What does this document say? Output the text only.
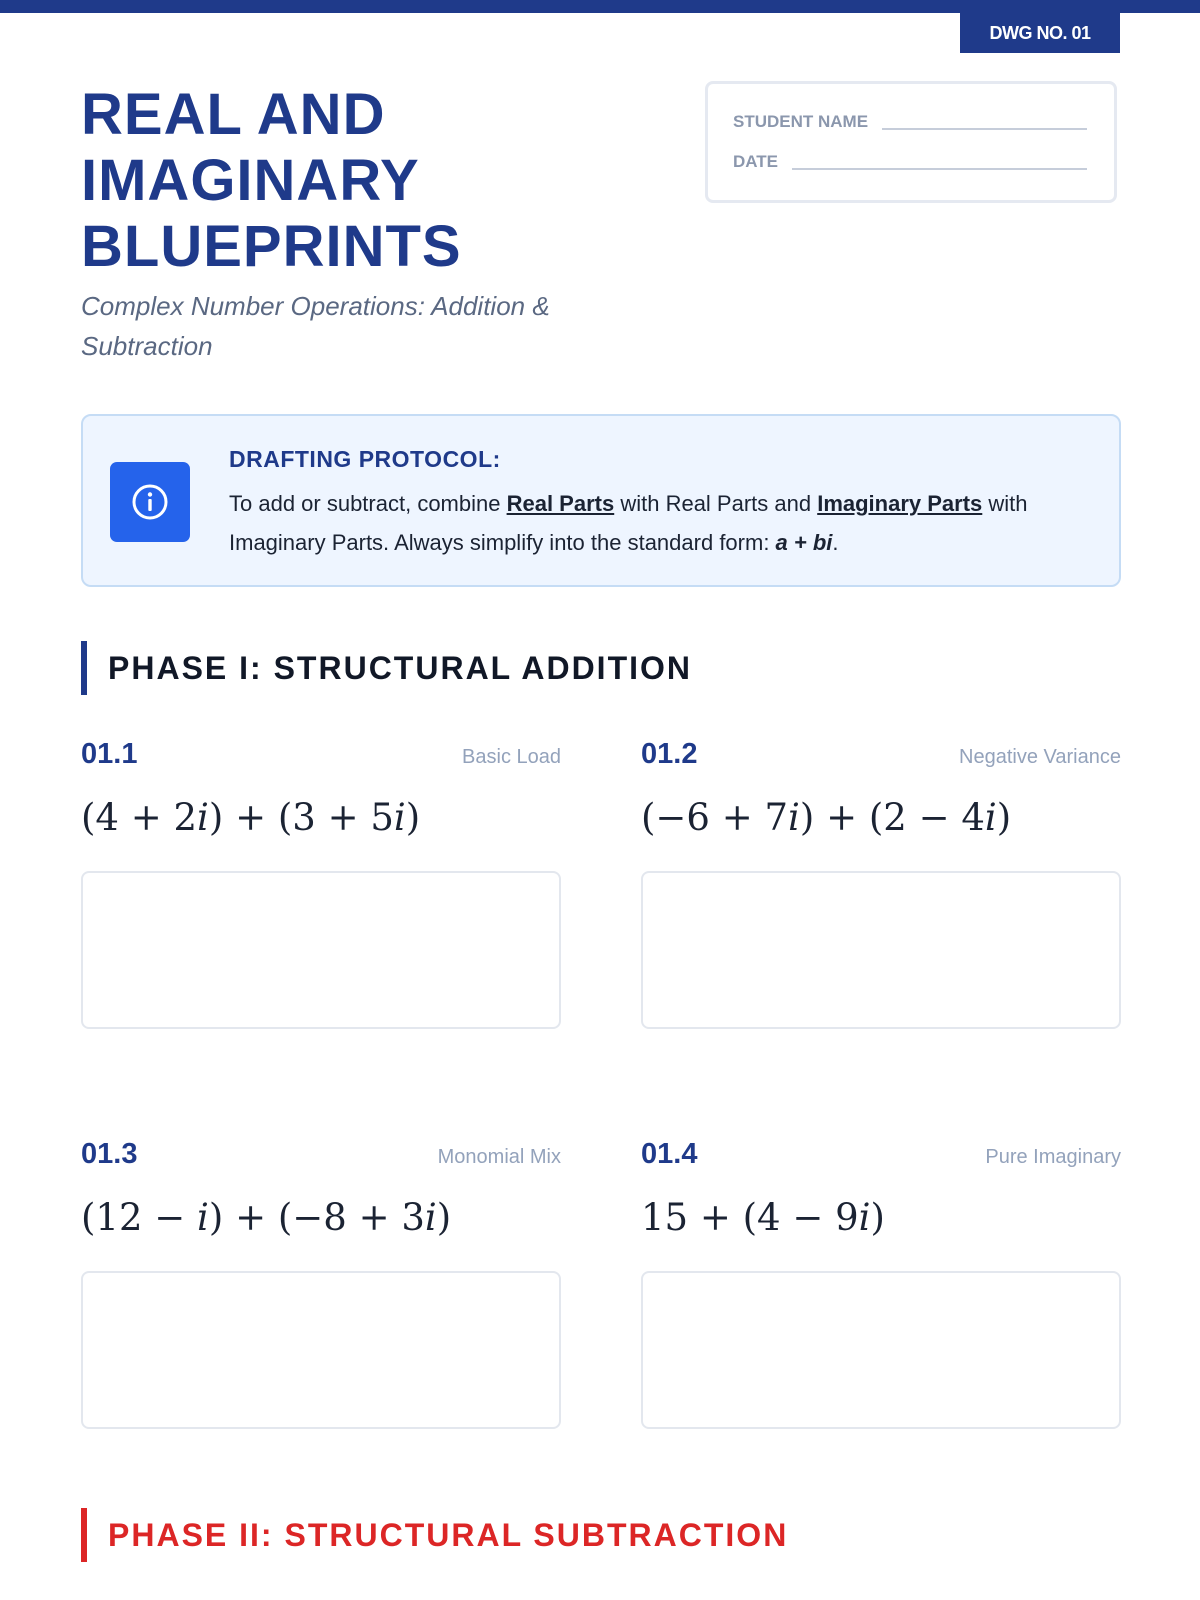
DWG NO. 01
REAL AND
IMAGINARY
BLUEPRINTS
Complex Number Operations: Addition & Subtraction
STUDENT NAME
DATE
DRAFTING PROTOCOL:
To add or subtract, combine Real Parts with Real Parts and Imaginary Parts with Imaginary Parts. Always simplify into the standard form: a + bi.
PHASE I: STRUCTURAL ADDITION
01.1	Basic Load
(4 + 2𝑖) + (3 + 5𝑖)
01.2	Negative Variance
(−6 + 7𝑖) + (2 − 4𝑖)
01.3	Monomial Mix
(12 − 𝑖) + (−8 + 3𝑖)
01.4	Pure Imaginary
15 + (4 − 9𝑖)
PHASE II: STRUCTURAL SUBTRACTION
